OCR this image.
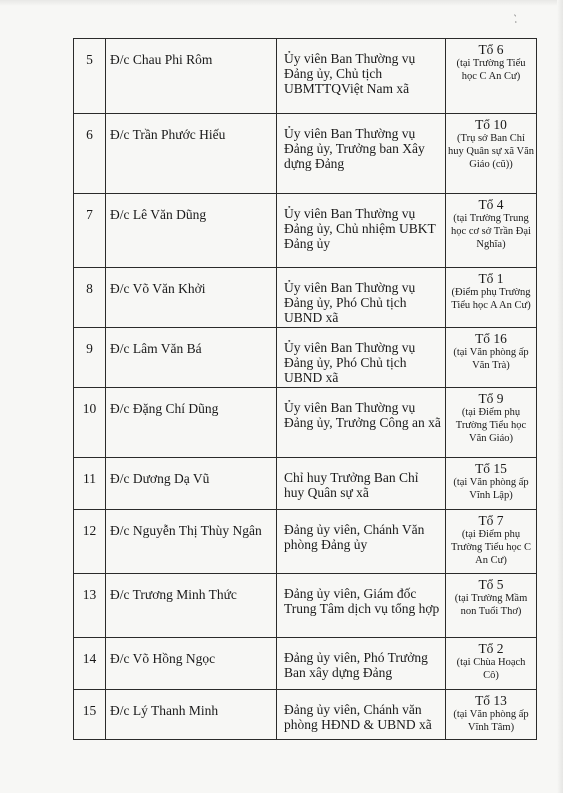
`.
5	Đ/c Chau Phi Rôm	Ủy viên Ban Thường vụ Đảng ủy, Chủ tịch UBMTTQViệt Nam xã	Tổ 6
(tại Trường Tiểu học C An Cư)

6	Đ/c Trần Phước Hiếu	Ủy viên Ban Thường vụ Đảng ủy, Trưởng ban Xây dựng Đảng	Tổ 10
(Trụ sở Ban Chỉ huy Quân sự xã Văn Giáo (cũ))

7	Đ/c Lê Văn Dũng	Ủy viên Ban Thường vụ Đảng ủy, Chủ nhiệm UBKT Đảng ủy	Tổ 4
(tại Trường Trung học cơ sở Trần Đại Nghĩa)

8	Đ/c Võ Văn Khởi	Ủy viên Ban Thường vụ Đảng ủy, Phó Chủ tịch UBND xã	Tổ 1
(Điểm phụ Trường Tiểu học A An Cư)

9	Đ/c Lâm Văn Bá	Ủy viên Ban Thường vụ Đảng ủy, Phó Chủ tịch UBND xã	Tổ 16
(tại Văn phòng ấp Văn Trà)

10	Đ/c Đặng Chí Dũng	Ủy viên Ban Thường vụ Đảng ủy, Trưởng Công an xã	Tổ 9
(tại Điểm phụ Trường Tiểu học Văn Giáo)

11	Đ/c Dương Dạ Vũ	Chỉ huy Trưởng Ban Chỉ huy Quân sự xã	Tổ 15
(tại Văn phòng ấp Vĩnh Lập)

12	Đ/c Nguyễn Thị Thùy Ngân	Đảng ủy viên, Chánh Văn phòng Đảng ủy	Tổ 7
(tại Điểm phụ Trường Tiểu học C An Cư)

13	Đ/c Trương Minh Thức	Đảng ủy viên, Giám đốc Trung Tâm dịch vụ tổng hợp	Tổ 5
(tại Trường Mầm non Tuổi Thơ)

14	Đ/c Võ Hồng Ngọc	Đảng ủy viên, Phó Trưởng Ban xây dựng Đảng	Tổ 2
(tại Chùa Hoạch Cô)

15	Đ/c Lý Thanh Minh	Đảng ủy viên, Chánh văn phòng HĐND & UBND xã	Tổ 13
(tại Văn phòng ấp Vĩnh Tâm)
